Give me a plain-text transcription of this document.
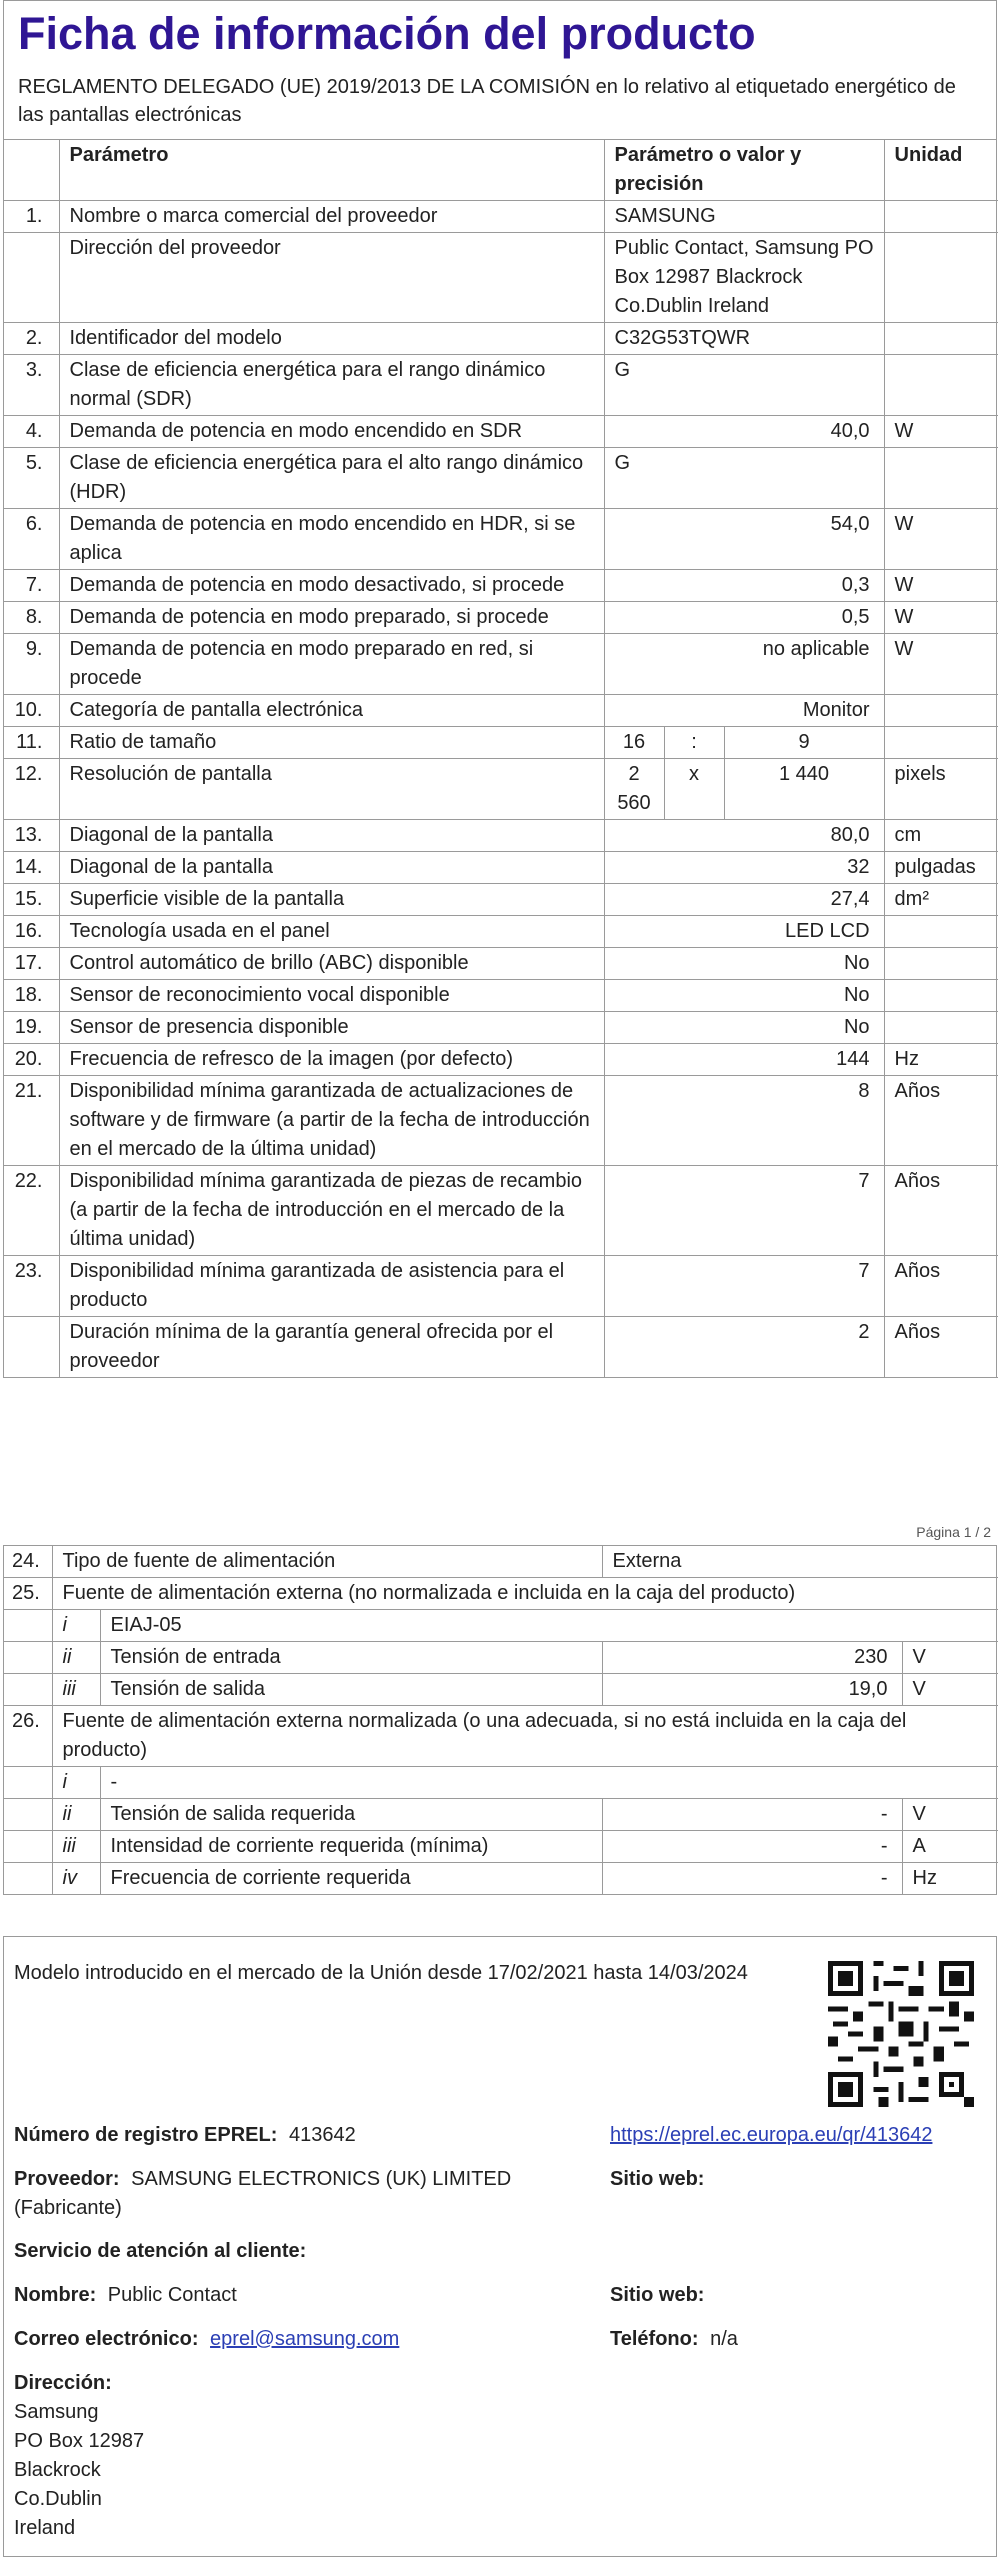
Ficha de información del producto
REGLAMENTO DELEGADO (UE) 2019/2013 DE LA COMISIÓN en lo relativo al etiquetado energético de las pantallas electrónicas
	Parámetro	Parámetro o valor y precisión			Unidad
1.	Nombre o marca comercial del proveedor	SAMSUNG			
	Dirección del proveedor	Public Contact, Samsung PO Box 12987 Blackrock Co.Dublin Ireland			
2.	Identificador del modelo	C32G53TQWR			
3.	Clase de eficiencia energética para el rango dinámico normal (SDR)	G			
4.	Demanda de potencia en modo encendido en SDR	40,0			W
5.	Clase de eficiencia energética para el alto rango dinámico (HDR)	G			
6.	Demanda de potencia en modo encendido en HDR, si se aplica	54,0			W
7.	Demanda de potencia en modo desactivado, si procede	0,3			W
8.	Demanda de potencia en modo preparado, si procede	0,5			W
9.	Demanda de potencia en modo preparado en red, si procede	no aplicable			W
10.	Categoría de pantalla electrónica	Monitor			
11.	Ratio de tamaño	16	:	9	
12.	Resolución de pantalla	2 560	x	1 440	pixels
13.	Diagonal de la pantalla	80,0			cm
14.	Diagonal de la pantalla	32			pulgadas
15.	Superficie visible de la pantalla	27,4			dm²
16.	Tecnología usada en el panel	LED LCD			
17.	Control automático de brillo (ABC) disponible	No			
18.	Sensor de reconocimiento vocal disponible	No			
19.	Sensor de presencia disponible	No			
20.	Frecuencia de refresco de la imagen (por defecto)	144			Hz
21.	Disponibilidad mínima garantizada de actualizaciones de software y de firmware (a partir de la fecha de introducción en el mercado de la última unidad)	8			Años
22.	Disponibilidad mínima garantizada de piezas de recambio (a partir de la fecha de introducción en el mercado de la última unidad)	7			Años
23.	Disponibilidad mínima garantizada de asistencia para el producto	7			Años
	Duración mínima de la garantía general ofrecida por el proveedor	2			Años
Página 1 / 2
24.	Tipo de fuente de alimentación		Externa	
25.	Fuente de alimentación externa (no normalizada e incluida en la caja del producto)			
	i	EIAJ-05		
	ii	Tensión de entrada	230	V
	iii	Tensión de salida	19,0	V
26.	Fuente de alimentación externa normalizada (o una adecuada, si no está incluida en la caja del producto)			
	i	-		
	ii	Tensión de salida requerida	-	V
	iii	Intensidad de corriente requerida (mínima)	-	A
	iv	Frecuencia de corriente requerida	-	Hz
Modelo introducido en el mercado de la Unión desde 17/02/2021 hasta 14/03/2024
Número de registro EPREL: 413642	https://eprel.ec.europa.eu/qr/413642
Proveedor: SAMSUNG ELECTRONICS (UK) LIMITED (Fabricante)
Sitio web:
Servicio de atención al cliente:
Nombre: Public Contact	Sitio web:
Correo electrónico: eprel@samsung.com	Teléfono: n/a
Dirección:
Samsung
PO Box 12987
Blackrock
Co.Dublin
Ireland
